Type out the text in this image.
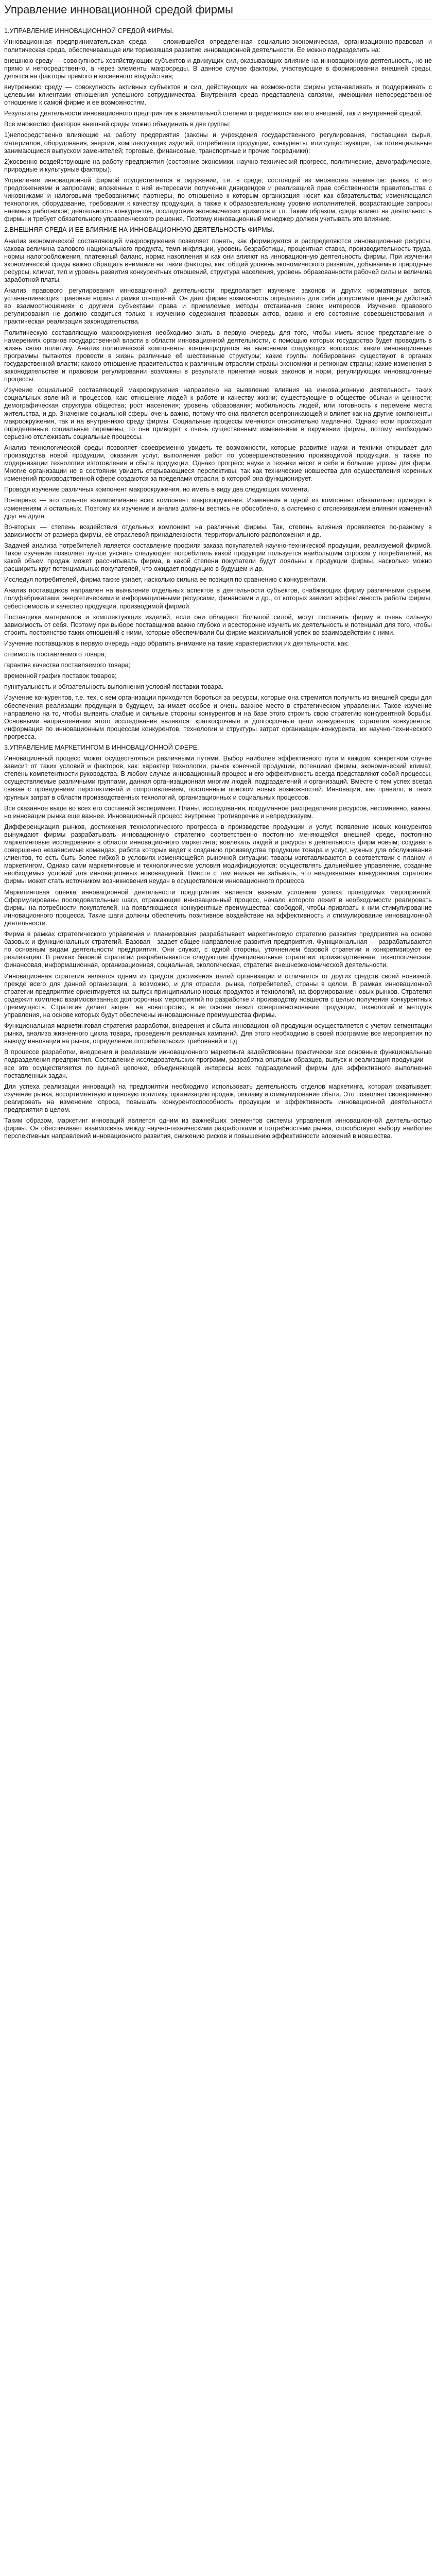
Управление инновационной средой фирмы

1.УПРАВЛЕНИЕ ИННОВАЦИОННОЙ СРЕДОЙ ФИРМЫ.

Инновационная предпринимательская среда — сложившейся определенная социально-экономическая, организационно-правовая и политическая среда, обеспечивающая или тормозящая развитие инновационной деятельности. Ее можно подразделить на:

внешнюю среду — совокупность хозяйствующих субъектов и движущих сил, оказывающих влияние на инновационную деятельность, но не прямо и непосредственно, а через элементы макросреды. В данное случае факторы, участвующие в формировании внешней среды, делятся на факторы прямого и косвенного воздействия;

внутреннюю среду — совокупность активных субъектов и сил, действующих на возможности фирмы устанавливать и поддерживать с целевыми клиентами отношения успешного сотрудничества. Внутренняя среда представлена связями, имеющими непосредственное отношение к самой фирме и ее возможностям.

Результаты деятельности инновационного предприятия в значительной степени определяются как его внешней, так и внутренней средой.

Всё множество факторов внешней среды можно объединить в две группы:

1)непосредственно влияющие на работу предприятия (законы и учреждения государственного регулирования, поставщики сырья, материалов, оборудования, энергии, комплектующих изделий, потребители продукции, конкуренты, или существующие, так потенциальные занимающиеся выпуском заменителей; торговые, финансовые, транспортные и прочие посредники);

2)косвенно воздействующие на работу предприятия (состояние экономики, научно-технический прогресс, политические, демографические, природные и культурные факторы).

Управление инновационной фирмой осуществляется в окружении, т.е. в среде, состоящей из множества элементов: рынка, с его предложениями и запросами; вложенных с ней интересами получения дивидендов и реализацией прав собственности правительства с чиновниками и налоговыми требованиями; партнеры, по отношению к которым организация носит как обязательства; изменяющаяся технология, оборудование, требования к качеству продукции, а также к образовательному уровню исполнителей, возрастающие запросы наемных работников; деятельность конкурентов, последствия экономических кризисов и т.п. Таким образом, среда влияет на деятельность фирмы и требует обязательного управленческого решения. Поэтому инновационный менеджер должен учитывать это влияние.

2.ВНЕШНЯЯ СРЕДА И ЕЕ ВЛИЯНИЕ НА ИННОВАЦИОННУЮ ДЕЯТЕЛЬНОСТЬ ФИРМЫ.

Анализ экономической составляющей макроокружения позволяет понять, как формируются и распределяются инновационные ресурсы, какова величина валового национального продукта, темп инфляции, уровень безработицы, процентная ставка, производительность труда, нормы налогообложения, платежный баланс, норма накопления и как они влияют на инновационную деятельность фирмы. При изучении экономической среды важно обращать внимание на такие факторы, как: общий уровень экономического развития, добываемые природные ресурсы, климат, тип и уровень развития конкурентных отношений, структура населения, уровень образованности рабочей силы и величина заработной платы.

Анализ правового регулирования инновационной деятельности предполагает изучение законов и других нормативных актов, устанавливающих правовые нормы и рамки отношений. Он дает фирме возможность определить для себя допустимые границы действий во взаимоотношениях с другими субъектами права и приемлемые методы отстаивания своих интересов. Изучение правового регулирования не должно сводиться только к изучению содержания правовых актов, важно и его состояние совершенствования и практическая реализация законодательства.

Политическую составляющую макроокружения необходимо знать в первую очередь для того, чтобы иметь ясное представление о намерениях органов государственной власти в области инновационной деятельности, с помощью которых государство будет проводить в жизнь свою политику. Анализ политической компоненты концентрируется на выяснении следующих вопросов: какие инновационные программы пытаются провести в жизнь различные её шествинные структуры; какие группы лоббирования существуют в органах государственной власти; каково отношение правительства к различным отраслям страны экономики и регионам страны; какие изменения в законодательстве и правовом регулировании возможны в результате принятия новых законов и норм, регулирующих инновационные процессы.

Изучение социальной составляющей макроокружения направлено на выявление влияния на инновационную деятельность таких социальных явлений и процессов, как: отношение людей к работе и качеству жизни; существующие в обществе обычаи и ценности; демографическая структура общества; рост населения; уровень образования; мобильность людей, или готовность к перемене места жительства, и др. Значение социальной сферы очень важно, потому что она является всепроникающей и влияет как на другие компоненты макроокружения, так и на внутреннюю среду фирмы. Социальные процессы меняются относительно медленно. Однако если происходит определенные социальные перемены, то они приводят к очень существенным изменениям в окружении фирмы, потому необходимо серьезно отслеживать социальные процессы.

Анализ технологической среды позволяет своевременно увидеть те возможности, которые развитие науки и техники открывает для производства новой продукции, оказания услуг, выполнения работ по усовершенствованию производимой продукции, а также по модернизации технологии изготовления и сбыта продукции. Однако прогресс науки и техники несет в себе и большие угрозы для фирм. Многие организации не в состоянии увидеть открывающиеся перспективы, так как технические новшества для осуществления коренных изменений производственной сфере создаются за пределами отрасли, в которой она функционирует.

Проводя изучение различных компонент макроокружения, но иметь в виду два следующих момента.

Во-первых — это сильное взаимовлияние всех компонент макроокружения. Изменения в одной из компонент обязательно приводят к изменениям и остальных. Поэтому их изучение и анализ должны вестись не обособлено, а системно с отслеживанием влияния изменений друг на друга.

Во-вторых — степень воздействия отдельных компонент на различные фирмы. Так, степень влияния проявляется по-разному в зависимости от размера фирмы, её отраслевой принадлежности, территориального расположения и др.

Задачей анализа потребителей является составление профиля заказа покупателей научно-технической продукции, реализуемой фирмой. Такое изучение позволяет лучше уяснить следующее: потребитель какой продукции пользуется наибольшим спросом у потребителей, на какой объем продаж может рассчитывать фирма, в какой степени покупатели будут лояльны к продукции фирмы, насколько можно расширить круг потенциальных покупателей, что ожидает продукцию в будущем и др.

Исследуя потребителей, фирма также узнает, насколько сильна ее позиция по сравнению с конкурентами.

Анализ поставщиков направлен на выявление отдельных аспектов в деятельности субъектов, снабжающих фирму различными сырьем, полуфабрикатами, энергетическими и информационными ресурсами, финансами и др., от которых зависит эффективность работы фирмы, себестоимость и качество продукции, производимой фирмой.

Поставщики материалов и комплектующих изделий, если они обладают большой силой, могут поставить фирму в очень сильную зависимость от себя. Поэтому при выборе поставщиков важно глубоко и всесторонне изучить их деятельность и потенциал для того, чтобы строить постоянство таких отношений с ними, которые обеспечивали бы фирме максимальной успех во взаимодействии с ними.

Изучение поставщиков в первую очередь надо обратить внимание на такие характеристики их деятельности, как:

стоимость поставляемого товара;

гарантия качества поставляемого товара;

временной график поставок товаров;

пунктуальность и обязательность выполнения условий поставки товара.

Изучение конкурентов, т.е. тех, с кем организации приходится бороться за ресурсы, которые она стремится получить из внешней среды для обеспечения реализации продукции в будущем, занимает особое и очень важное место в стратегическом управлении. Такое изучение направлено на то, чтобы выявить слабые и сильные стороны конкурентов и на базе этого строить свою стратегию конкурентной борьбы. Основными направлениями этого исследования являются: краткосрочные и долгосрочные цели конкурентов; стратегия конкурентов; информация по инновационным процессам конкурентов, технологии и структуры затрат организации-конкурента, их научно-технического прогресса.

3.УПРАВЛЕНИЕ МАРКЕТИНГОМ В ИННОВАЦИОННОЙ СФЕРЕ.

Инновационный процесс может осуществляться различными путями. Выбор наиболее эффективного пути и каждом конкретном случае зависит от таких условий и факторов, как: характер технологии, рынок конечной продукции, потенциал фирмы, экономический климат, степень компетентности руководства. В любом случае инновационный процесс и его эффективность всегда представляют собой процессы, осуществляемые различными группами, данная организационная многим людей, подразделений и организаций. Вместе с тем успех всегда связан с проведением перспективной и сопротивлением, постоянным поиском новых возможностей. Инновации, как правило, в таких крупных затрат в области производственных технологий, организационных и социальных процессов.

Все сказанное выше во всех его составной эксперимент. Планы, исследования, продуманное распределение ресурсов, несомненно, важны, но инновации рынка еще важнее. Инновационный процесс внутренне противоречив и непредсказуем.

Дифференциация рынков, достижения технологического прогресса в производстве продукции и услуг, появление новых конкурентов вынуждают фирмы разрабатывать инновационную стратегию соответственно постоянно меняющейся внешней среде, постоянно маркетинговые исследования в области инновационного маркетинга; вовлекать людей и ресурсы в деятельность фирм новым; создавать совершенно независимые командах, работа которых ведет к созданию производства продукции товара и услуг, нужных для обслуживания клиентов, то есть быть более гибкой в условиях изменяющейся рыночной ситуации: товары изготавливаются в соответствии с планом и маркетингом. Однако сами маркетинговые и технологические условия модифицируются; осуществлять дальнейшее управление, создание необходимых условий для инновационных нововведений. Вместе с тем нельзя не забывать, что неадекватная конкурентная стратегия фирмы может стать источником возникновения неудач в осуществлении инновационного процесса.

Маркетинговая оценка инновационной деятельности предприятия является важным условием успеха проводимых мероприятий. Сформулированы последовательные шаги, отражающие инновационный процесс, начало которого лежит в необходимости реагировать фирмы на потребности покупателей, на появляющиеся конкурентные преимущества; свободой, чтобы привязать к ним стимулирование инновационного процесса. Такие шаги должны обеспечить позитивное воздействие на эффективность и стимулирование инновационной деятельности.

Фирма в рамках стратегического управления и планирования разрабатывает маркетинговую стратегию развития предприятия на основе базовых и функциональных стратегий. Базовая - задает общее направление развития предприятия. Функциональная — разрабатываются по основным видам деятельности предприятия. Они служат, с одной стороны, уточнением базовой стратегии и конкретизируют ее реализацию. В рамках базовой стратегии разрабатываются следующие функциональные стратегии: производственная, технологическая, финансовая, информационная, организационная, социальная, экологическая, стратегия внешнеэкономической деятельности.

Инновационная стратегия является одним из средств достижения целей организации и отличается от других средств своей новизной, прежде всего для данной организации, а возможно, и для отрасли, рынка, потребителей, страны в целом. В рамках инновационной стратегии предприятие ориентируется на выпуск принципиально новых продуктов и технологий, на формирование новых рынков. Стратегия содержит комплекс взаимосвязанных долгосрочных мероприятий по разработке и производству новшеств с целью получения конкурентных преимуществ. Стратегия делает акцент на новаторство, в ее основе лежит совершенствование продукции, технологий и методов управления, на основе которых будут обеспечены инновационные преимущества фирмы.

Функциональная маркетинговая стратегия разработки, внедрения и сбыта инновационной продукции осуществляется с учетом сегментации рынка, анализа жизненного цикла товара, проведения рекламных кампаний. Для этого необходимо в своей программе все мероприятия по выводу инновации на рынок, определение потребительских требований и т.д.

В процессе разработки, внедрения и реализации инновационного маркетинга задействованы практически все основные функциональные подразделения предприятия. Составление исследовательских программ, разработка опытных образцов, выпуск и реализация продукции — все это осуществляется по единой цепочке, объединяющей интересы всех подразделений фирмы для эффективного выполнения поставленных задач.

Для успеха реализации инноваций на предприятии необходимо использовать деятельность отделов маркетинга, которая охватывает: изучение рынка, ассортиментную и ценовую политику, организацию продаж, рекламу и стимулирование сбыта. Это позволяет своевременно реагировать на изменение спроса, повышать конкурентоспособность продукции и эффективность инновационной деятельности предприятия в целом.

Таким образом, маркетинг инноваций является одним из важнейших элементов системы управления инновационной деятельностью фирмы. Он обеспечивает взаимосвязь между научно-техническими разработками и потребностями рынка, способствует выбору наиболее перспективных направлений инновационного развития, снижению рисков и повышению эффективности вложений в новшества.
